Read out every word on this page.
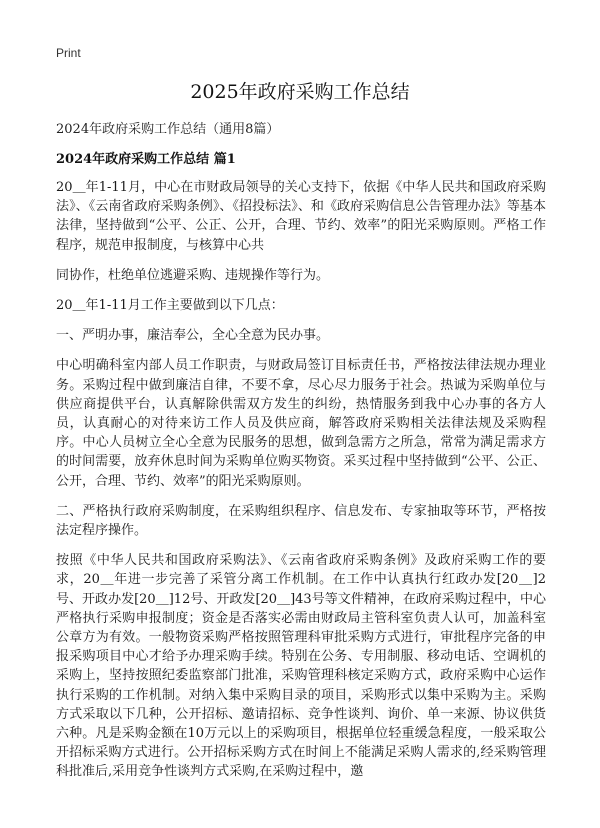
Print
2025年政府采购工作总结
2024年政府采购工作总结（通用8篇）
2024年政府采购工作总结 篇1

20＿年1-11月，中心在市财政局领导的关心支持下，依据《中华人民共和国政府采购法》、《云南省政府采购条例》、《招投标法》、和《政府采购信息公告管理办法》等基本法律，坚持做到“公平、公正、公开，合理、节约、效率”的阳光采购原则。严格工作程序，规范申报制度，与核算中心共

同协作，杜绝单位逃避采购、违规操作等行为。

20＿年1-11月工作主要做到以下几点：

一、严明办事，廉洁奉公，全心全意为民办事。

中心明确科室内部人员工作职责，与财政局签订目标责任书，严格按法律法规办理业务。采购过程中做到廉洁自律，不要不拿，尽心尽力服务于社会。热诚为采购单位与供应商提供平台，认真解除供需双方发生的纠纷，热情服务到我中心办事的各方人员，认真耐心的对待来访工作人员及供应商，解答政府采购相关法律法规及采购程序。中心人员树立全心全意为民服务的思想，做到急需方之所急，常常为满足需求方的时间需要，放弃休息时间为采购单位购买物资。采买过程中坚持做到“公平、公正、公开，合理、节约、效率”的阳光采购原则。

二、严格执行政府采购制度，在采购组织程序、信息发布、专家抽取等环节，严格按法定程序操作。

按照《中华人民共和国政府采购法》、《云南省政府采购条例》及政府采购工作的要求，20＿年进一步完善了采管分离工作机制。在工作中认真执行红政办发[20＿]2号、开政办发[20＿]12号、开政发[20＿]43号等文件精神，在政府采购过程中，中心严格执行采购申报制度；资金是否落实必需由财政局主管科室负责人认可，加盖科室公章方为有效。一般物资采购严格按照管理科审批采购方式进行，审批程序完备的申报采购项目中心才给予办理采购手续。特别在公务、专用制服、移动电话、空调机的采购上，坚持按照纪委监察部门批准，采购管理科核定采购方式，政府采购中心运作执行采购的工作机制。对纳入集中采购目录的项目，采购形式以集中采购为主。采购方式采取以下几种，公开招标、邀请招标、竞争性谈判、询价、单一来源、协议供货六种。凡是采购金额在10万元以上的采购项目，根据单位轻重缓急程度，一般采取公开招标采购方式进行。公开招标采购方式在时间上不能满足采购人需求的,经采购管理科批准后,采用竞争性谈判方式采购,在采购过程中，邀
